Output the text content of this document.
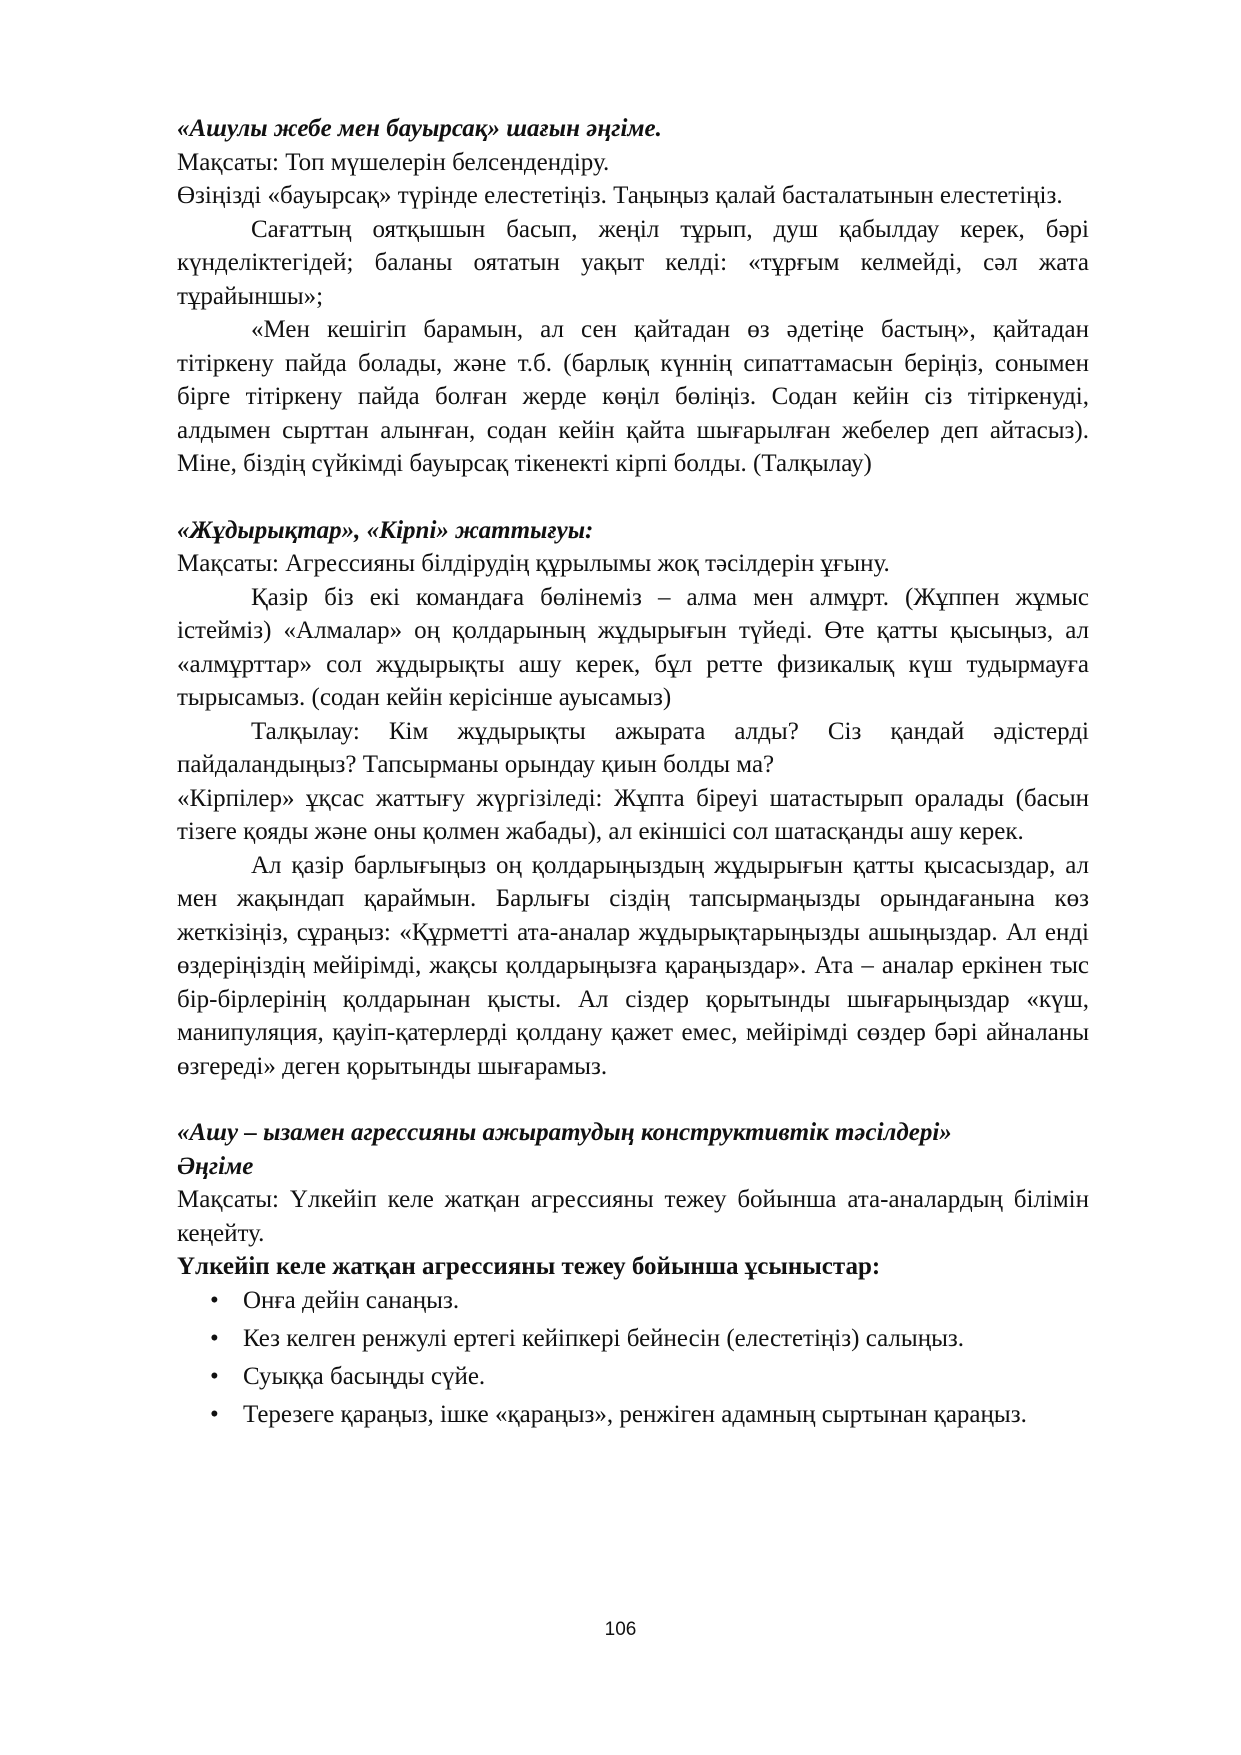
«Ашулы жебе мен бауырсақ» шағын әңгіме.

Мақсаты: Топ мүшелерін белсендендіру.

Өзіңізді «бауырсақ» түрінде елестетіңіз. Таңыңыз қалай басталатынын елестетіңіз.

Сағаттың оятқышын басып, жеңіл тұрып, душ қабылдау керек, бәрі күнделіктегідей; баланы оятатын уақыт келді: «тұрғым келмейді, сәл жата тұрайыншы»;

«Мен кешігіп барамын, ал сен қайтадан өз әдетіңе бастың», қайтадан тітіркену пайда болады, және т.б. (барлық күннің сипаттамасын беріңіз, сонымен бірге тітіркену пайда болған жерде көңіл бөліңіз. Содан кейін сіз тітіркенуді, алдымен сырттан алынған, содан кейін қайта шығарылған жебелер деп айтасыз). Міне, біздің сүйкімді бауырсақ тікенекті кірпі болды. (Талқылау)

«Жұдырықтар», «Кірпі» жаттығуы:

Мақсаты: Агрессияны білдірудің құрылымы жоқ тәсілдерін ұғыну.

Қазір біз екі командаға бөлінеміз – алма мен алмұрт. (Жұппен жұмыс істейміз) «Алмалар» оң қолдарының жұдырығын түйеді. Өте қатты қысыңыз, ал «алмұрттар» сол жұдырықты ашу керек, бұл ретте физикалық күш тудырмауға тырысамыз. (содан кейін керісінше ауысамыз)

Талқылау: Кім жұдырықты ажырата алды? Сіз қандай әдістерді пайдаландыңыз? Тапсырманы орындау қиын болды ма?

«Кірпілер» ұқсас жаттығу жүргізіледі: Жұпта біреуі шатастырып оралады (басын тізеге қояды және оны қолмен жабады), ал екіншісі сол шатасқанды ашу керек.

Ал қазір барлығыңыз оң қолдарыңыздың жұдырығын қатты қысасыздар, ал мен жақындап қараймын. Барлығы сіздің тапсырмаңызды орындағанына көз жеткізіңіз, сұраңыз: «Құрметті ата-аналар жұдырықтарыңызды ашыңыздар. Ал енді өздеріңіздің мейірімді, жақсы қолдарыңызға қараңыздар». Ата – аналар еркінен тыс бір-бірлерінің қолдарынан қысты. Ал сіздер қорытынды шығарыңыздар «күш, манипуляция, қауіп-қатерлерді қолдану қажет емес, мейірімді сөздер бәрі айналаны өзгереді» деген қорытынды шығарамыз.

«Ашу – ызамен агрессияны ажыратудың конструктивтік тәсілдері»

Әңгіме

Мақсаты: Үлкейіп келе жатқан агрессияны тежеу бойынша ата-аналардың білімін кеңейту.

Үлкейіп келе жатқан агрессияны тежеу бойынша ұсыныстар:

• Онға дейін санаңыз.
• Кез келген ренжулі ертегі кейіпкері бейнесін (елестетіңіз) салыңыз.
• Суыққа басыңды сүйе.
• Терезеге қараңыз, ішке «қараңыз», ренжіген адамның сыртынан қараңыз.
106
